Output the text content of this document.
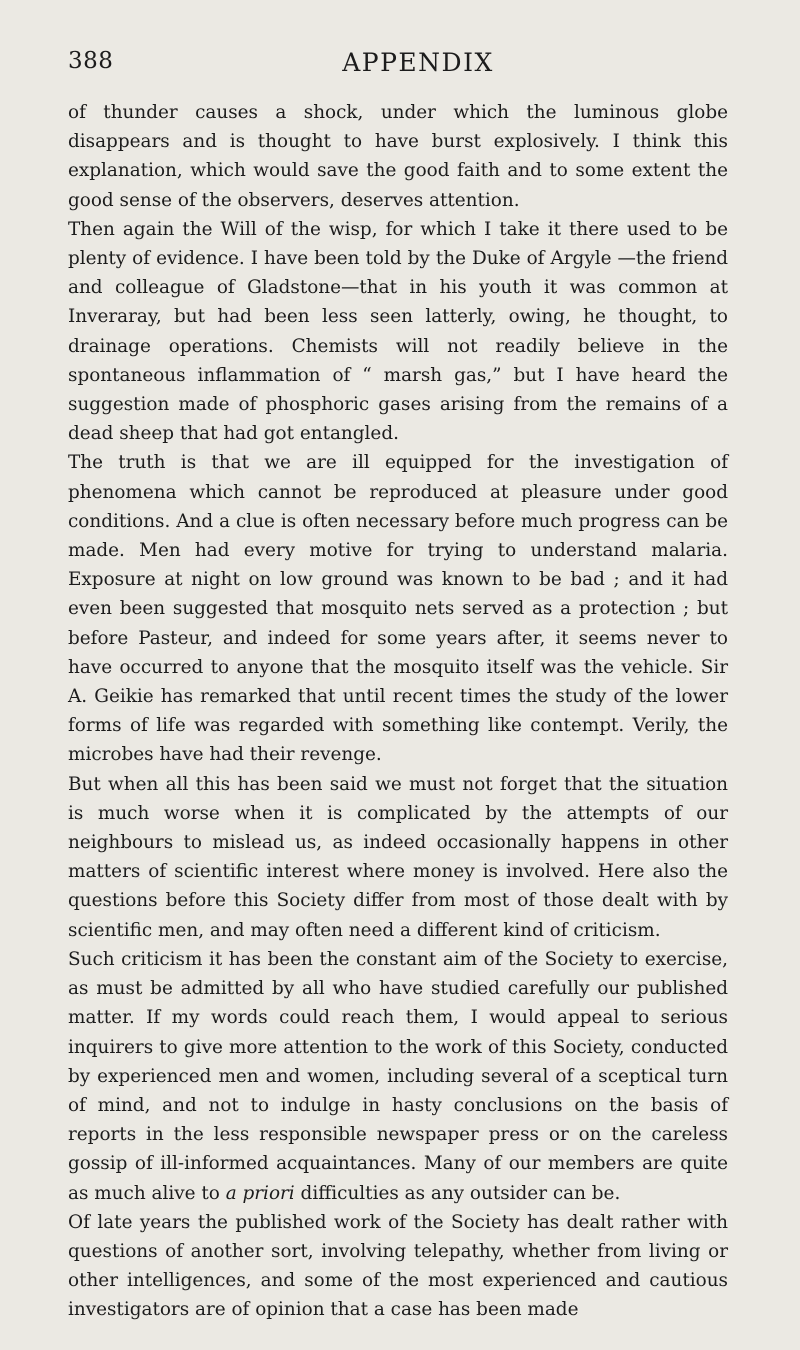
388	APPENDIX

of thunder causes a shock, under which the luminous globe disappears and is thought to have burst explosively. I think this explanation, which would save the good faith and to some extent the good sense of the observers, deserves attention.

Then again the Will of the wisp, for which I take it there used to be plenty of evidence. I have been told by the Duke of Argyle —the friend and colleague of Gladstone—that in his youth it was common at Inveraray, but had been less seen latterly, owing, he thought, to drainage operations. Chemists will not readily believe in the spontaneous inflammation of “ marsh gas,” but I have heard the suggestion made of phosphoric gases arising from the remains of a dead sheep that had got entangled.

The truth is that we are ill equipped for the investigation of phenomena which cannot be reproduced at pleasure under good conditions. And a clue is often necessary before much progress can be made. Men had every motive for trying to understand malaria. Exposure at night on low ground was known to be bad ; and it had even been suggested that mosquito nets served as a protection ; but before Pasteur, and indeed for some years after, it seems never to have occurred to anyone that the mosquito itself was the vehicle. Sir A. Geikie has remarked that until recent times the study of the lower forms of life was regarded with something like contempt. Verily, the microbes have had their revenge.

But when all this has been said we must not forget that the situation is much worse when it is complicated by the attempts of our neighbours to mislead us, as indeed occasionally happens in other matters of scientific interest where money is involved. Here also the questions before this Society differ from most of those dealt with by scientific men, and may often need a different kind of criticism.

Such criticism it has been the constant aim of the Society to exercise, as must be admitted by all who have studied carefully our published matter. If my words could reach them, I would appeal to serious inquirers to give more attention to the work of this Society, conducted by experienced men and women, including several of a sceptical turn of mind, and not to indulge in hasty conclusions on the basis of reports in the less responsible newspaper press or on the careless gossip of ill-informed acquaintances. Many of our members are quite as much alive to a priori difficulties as any outsider can be.

Of late years the published work of the Society has dealt rather with questions of another sort, involving telepathy, whether from living or other intelligences, and some of the most experienced and cautious investigators are of opinion that a case has been made
